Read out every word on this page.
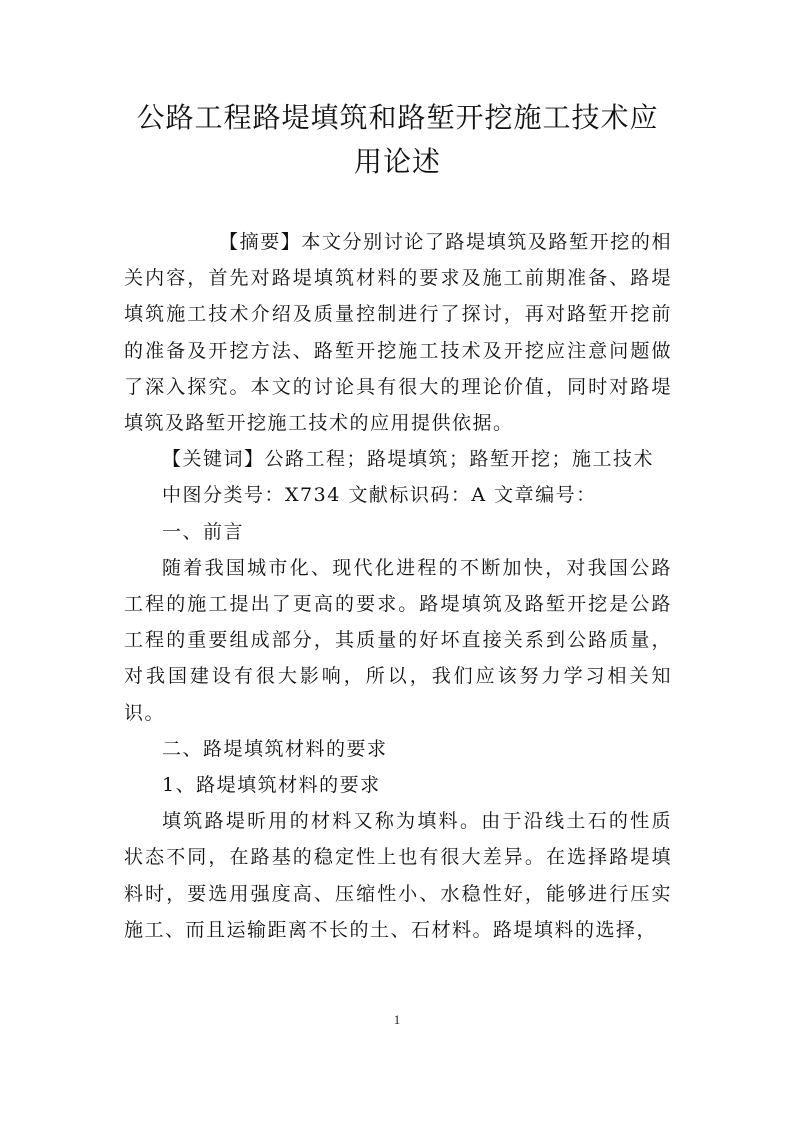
公路工程路堤填筑和路堑开挖施工技术应
用论述

【摘要】本文分别讨论了路堤填筑及路堑开挖的相关内容，首先对路堤填筑材料的要求及施工前期准备、路堤填筑施工技术介绍及质量控制进行了探讨，再对路堑开挖前的准备及开挖方法、路堑开挖施工技术及开挖应注意问题做了深入探究。本文的讨论具有很大的理论价值，同时对路堤填筑及路堑开挖施工技术的应用提供依据。

【关键词】公路工程；路堤填筑；路堑开挖；施工技术

中图分类号：X734 文献标识码：A 文章编号：

一、前言

随着我国城市化、现代化进程的不断加快，对我国公路工程的施工提出了更高的要求。路堤填筑及路堑开挖是公路工程的重要组成部分，其质量的好坏直接关系到公路质量，对我国建设有很大影响，所以，我们应该努力学习相关知识。

二、路堤填筑材料的要求

1、路堤填筑材料的要求

填筑路堤昕用的材料又称为填料。由于沿线土石的性质状态不同，在路基的稳定性上也有很大差异。在选择路堤填料时，要选用强度高、压缩性小、水稳性好，能够进行压实施工、而且运输距离不长的土、石材料。路堤填料的选择，

1
